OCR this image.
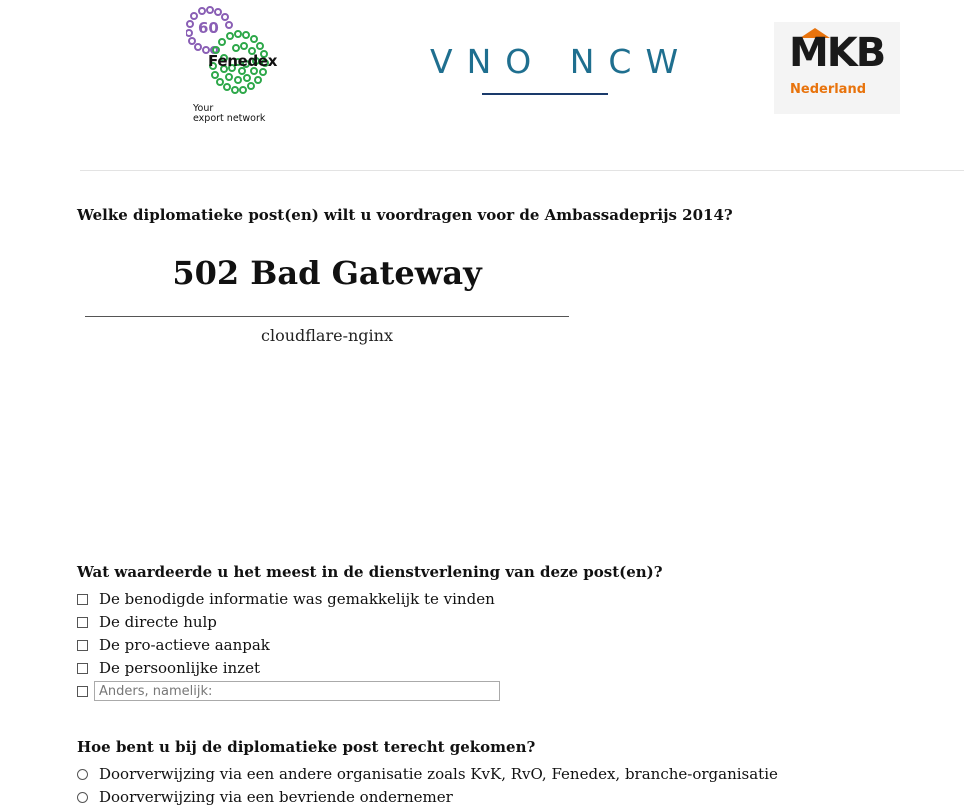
60
Fenedex
Your
export network
VNO NCW MKB
Nederland
Welke diplomatieke post(en) wilt u voordragen voor de Ambassadeprijs 2014?
502 Bad Gateway
cloudflare-nginx
Wat waardeerde u het meest in de dienstverlening van deze post(en)?
De benodigde informatie was gemakkelijk te vinden
De directe hulp
De pro-actieve aanpak
De persoonlijke inzet
Anders, namelijk:
Hoe bent u bij de diplomatieke post terecht gekomen?
Doorverwijzing via een andere organisatie zoals KvK, RvO, Fenedex, branche-organisatie
Doorverwijzing via een bevriende ondernemer
